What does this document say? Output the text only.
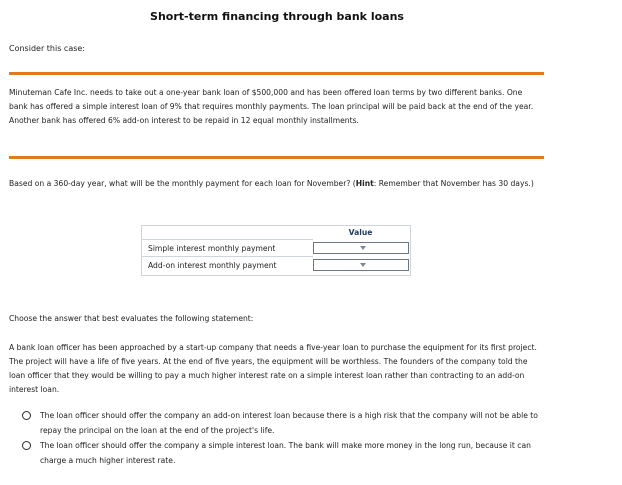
Short-term financing through bank loans
Consider this case:
Minuteman Cafe Inc. needs to take out a one-year bank loan of $500,000 and has been offered loan terms by two different banks. One bank has offered a simple interest loan of 9% that requires monthly payments. The loan principal will be paid back at the end of the year. Another bank has offered 6% add-on interest to be repaid in 12 equal monthly installments.
Based on a 360-day year, what will be the monthly payment for each loan for November? (Hint: Remember that November has 30 days.)
Value
Simple interest monthly payment
Add-on interest monthly payment
Choose the answer that best evaluates the following statement:
A bank loan officer has been approached by a start-up company that needs a five-year loan to purchase the equipment for its first project. The project will have a life of five years. At the end of five years, the equipment will be worthless. The founders of the company told the loan officer that they would be willing to pay a much higher interest rate on a simple interest loan rather than contracting to an add-on interest loan.
The loan officer should offer the company an add-on interest loan because there is a high risk that the company will not be able to repay the principal on the loan at the end of the project's life.
The loan officer should offer the company a simple interest loan. The bank will make more money in the long run, because it can charge a much higher interest rate.
